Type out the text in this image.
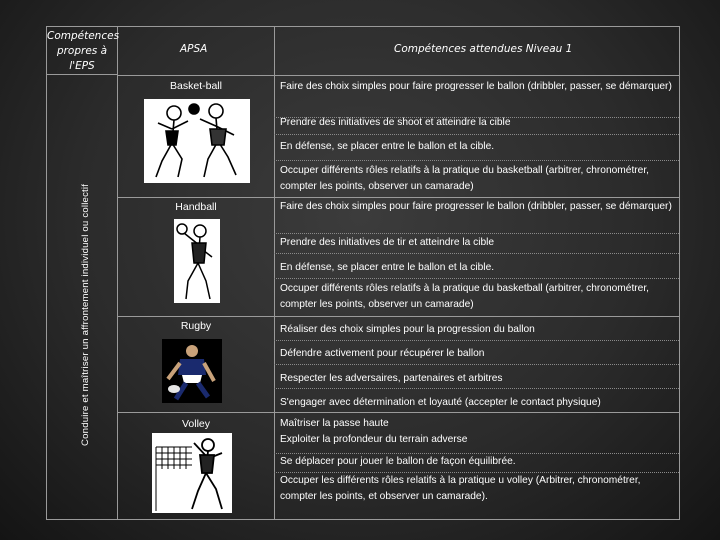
Compétences propres à l'EPS
Conduire et maîtriser un affrontement individuel ou collectif
APSA	Compétences attendues Niveau 1
Basket-ball	Faire des choix simples pour faire progresser le ballon (dribbler, passer, se démarquer)
Prendre des initiatives de shoot et atteindre la cible
En défense, se placer entre le ballon et la cible.
Occuper différents rôles relatifs à la pratique du basketball (arbitrer, chronométrer, compter les points, observer un camarade)
Handball	Faire des choix simples pour faire progresser le ballon (dribbler, passer, se démarquer)
Prendre des initiatives de tir et atteindre la cible
En défense, se placer entre le ballon et la cible.
Occuper différents rôles relatifs à la pratique du basketball (arbitrer, chronométrer, compter les points, observer un camarade)
Rugby	Réaliser des choix simples pour la progression du ballon
Défendre activement pour récupérer le ballon
Respecter les adversaires, partenaires et arbitres
S'engager avec détermination et loyauté (accepter le contact physique)
Volley	Maîtriser la passe haute
Exploiter la profondeur du terrain adverse
Se déplacer pour jouer le ballon de façon équilibrée.
Occuper les différents rôles relatifs à la pratique u volley (Arbitrer, chronométrer, compter les points, et observer un camarade).
